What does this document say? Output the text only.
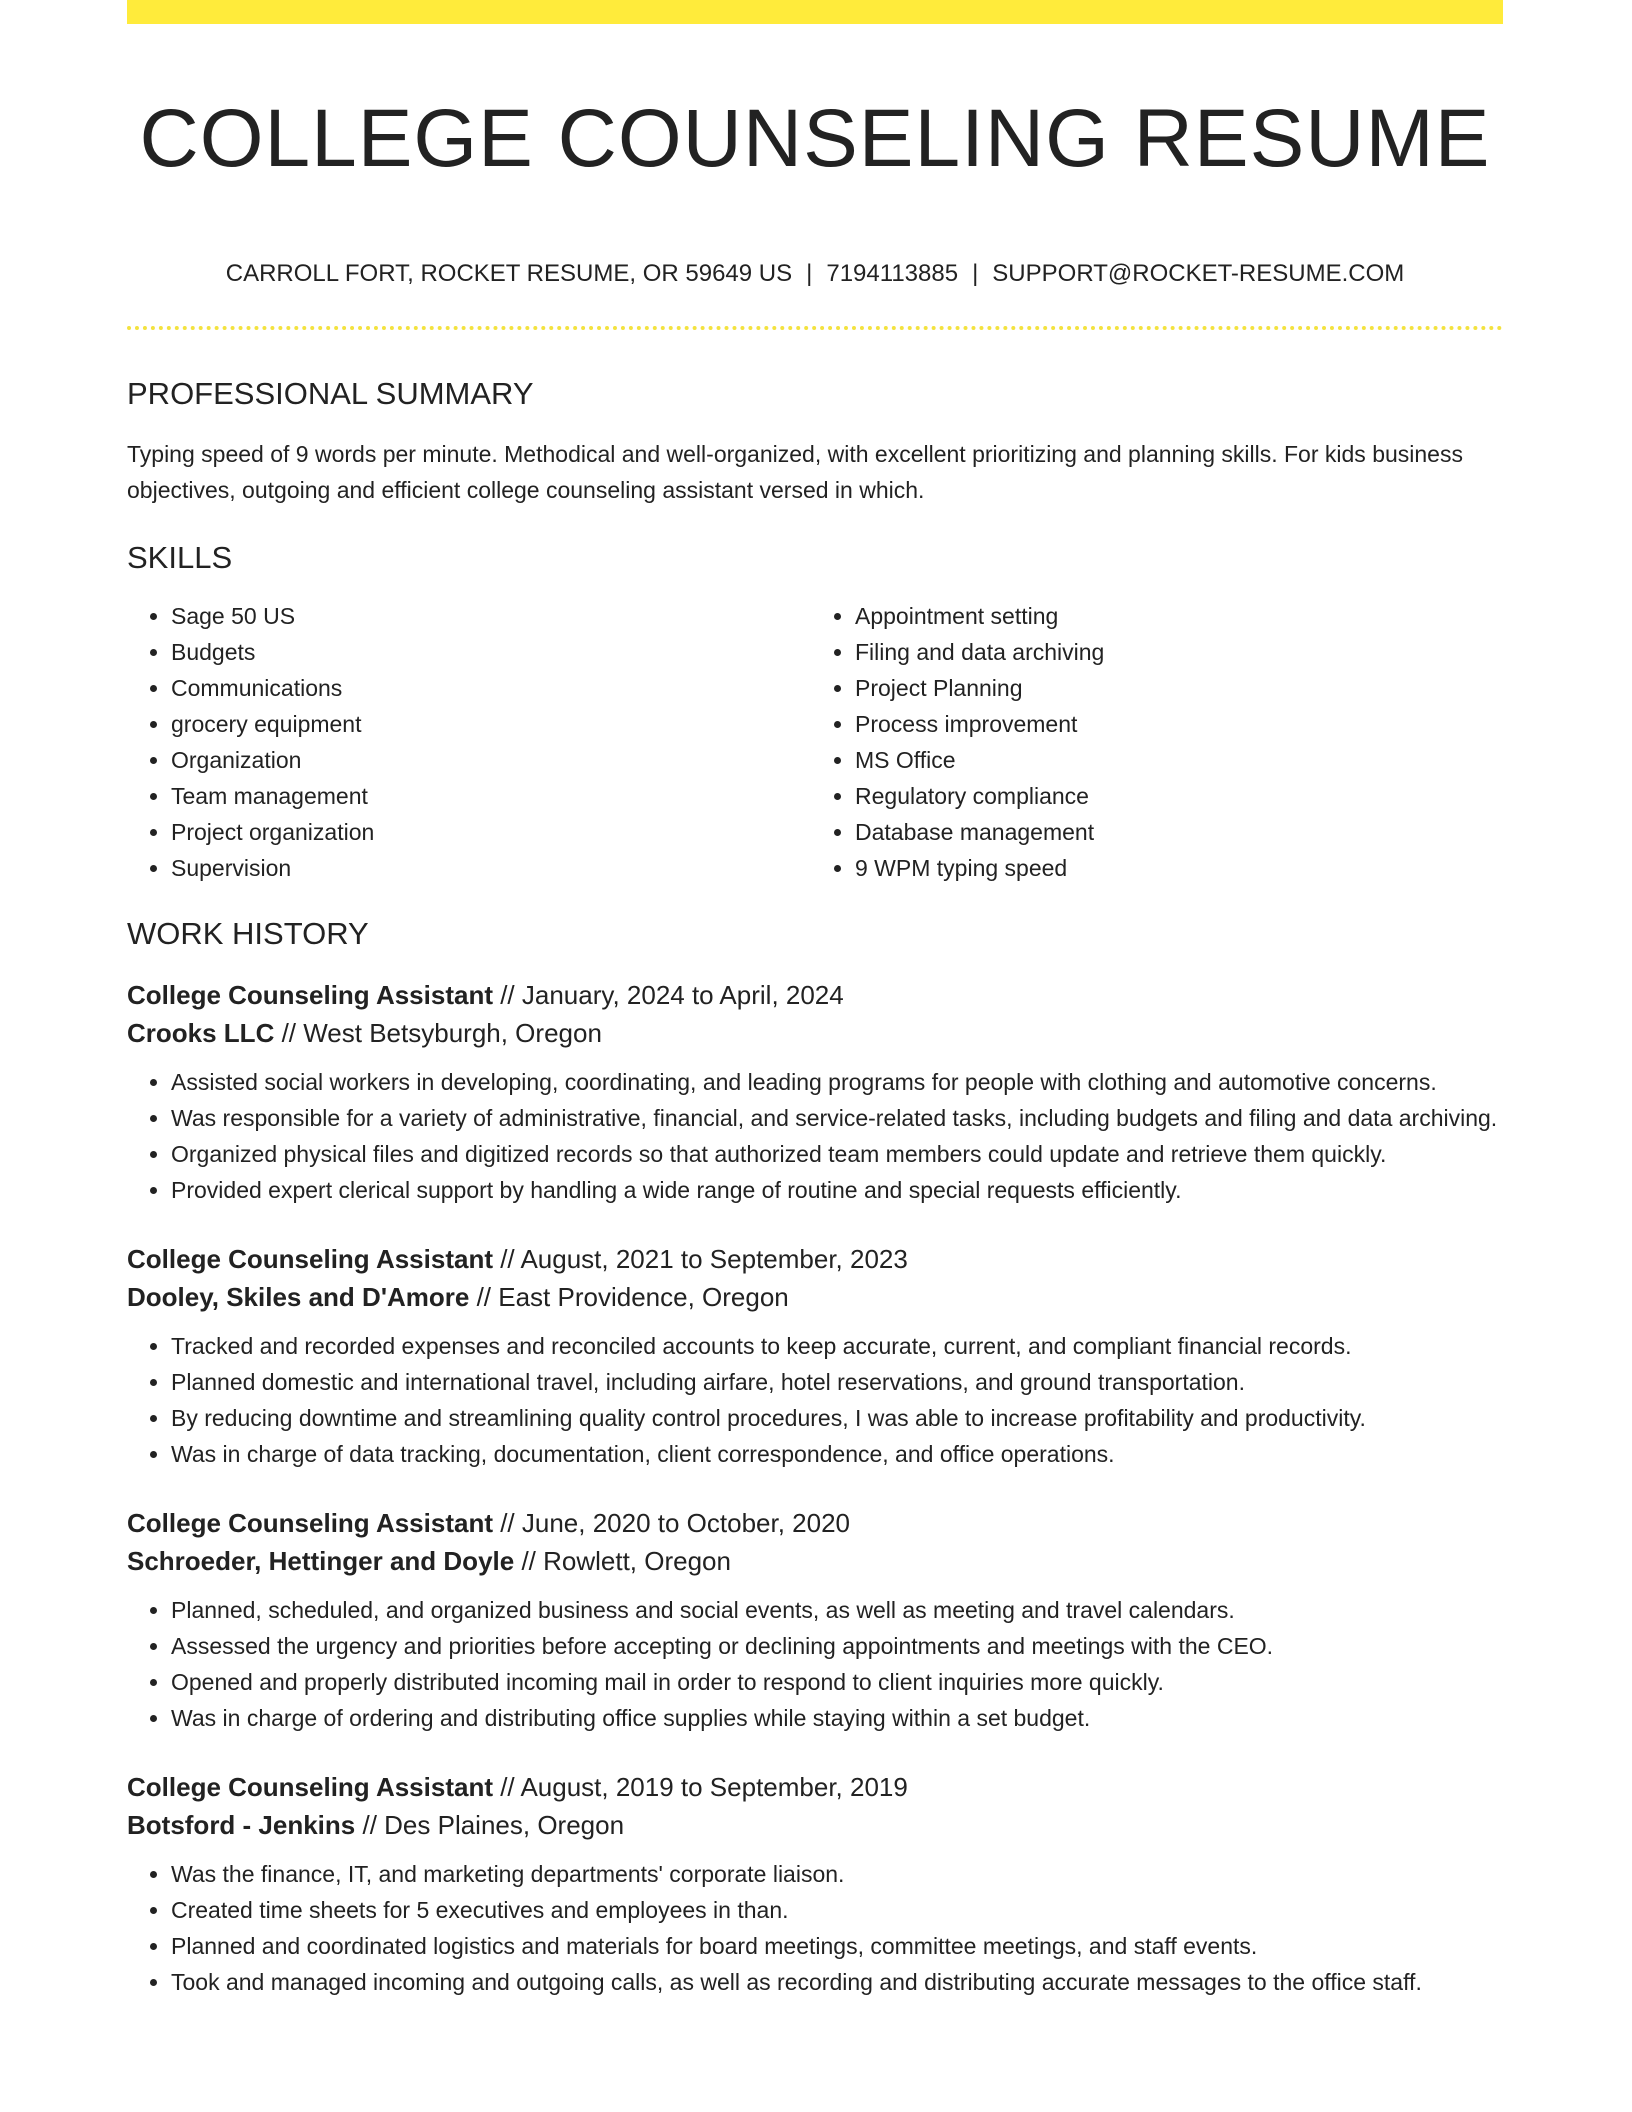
COLLEGE COUNSELING RESUME
CARROLL FORT, ROCKET RESUME, OR 59649 US | 7194113885 | SUPPORT@ROCKET-RESUME.COM
PROFESSIONAL SUMMARY

Typing speed of 9 words per minute. Methodical and well-organized, with excellent prioritizing and planning skills. For kids business objectives, outgoing and efficient college counseling assistant versed in which.

SKILLS
• Sage 50 US
• Budgets
• Communications
• grocery equipment
• Organization
• Team management
• Project organization
• Supervision
• Appointment setting
• Filing and data archiving
• Project Planning
• Process improvement
• MS Office
• Regulatory compliance
• Database management
• 9 WPM typing speed
WORK HISTORY
College Counseling Assistant // January, 2024 to April, 2024
Crooks LLC // West Betsyburgh, Oregon
• Assisted social workers in developing, coordinating, and leading programs for people with clothing and automotive concerns.
• Was responsible for a variety of administrative, financial, and service-related tasks, including budgets and filing and data archiving.
• Organized physical files and digitized records so that authorized team members could update and retrieve them quickly.
• Provided expert clerical support by handling a wide range of routine and special requests efficiently.
College Counseling Assistant // August, 2021 to September, 2023
Dooley, Skiles and D'Amore // East Providence, Oregon
• Tracked and recorded expenses and reconciled accounts to keep accurate, current, and compliant financial records.
• Planned domestic and international travel, including airfare, hotel reservations, and ground transportation.
• By reducing downtime and streamlining quality control procedures, I was able to increase profitability and productivity.
• Was in charge of data tracking, documentation, client correspondence, and office operations.
College Counseling Assistant // June, 2020 to October, 2020
Schroeder, Hettinger and Doyle // Rowlett, Oregon
• Planned, scheduled, and organized business and social events, as well as meeting and travel calendars.
• Assessed the urgency and priorities before accepting or declining appointments and meetings with the CEO.
• Opened and properly distributed incoming mail in order to respond to client inquiries more quickly.
• Was in charge of ordering and distributing office supplies while staying within a set budget.
College Counseling Assistant // August, 2019 to September, 2019
Botsford - Jenkins // Des Plaines, Oregon
• Was the finance, IT, and marketing departments' corporate liaison.
• Created time sheets for 5 executives and employees in than.
• Planned and coordinated logistics and materials for board meetings, committee meetings, and staff events.
• Took and managed incoming and outgoing calls, as well as recording and distributing accurate messages to the office staff.
